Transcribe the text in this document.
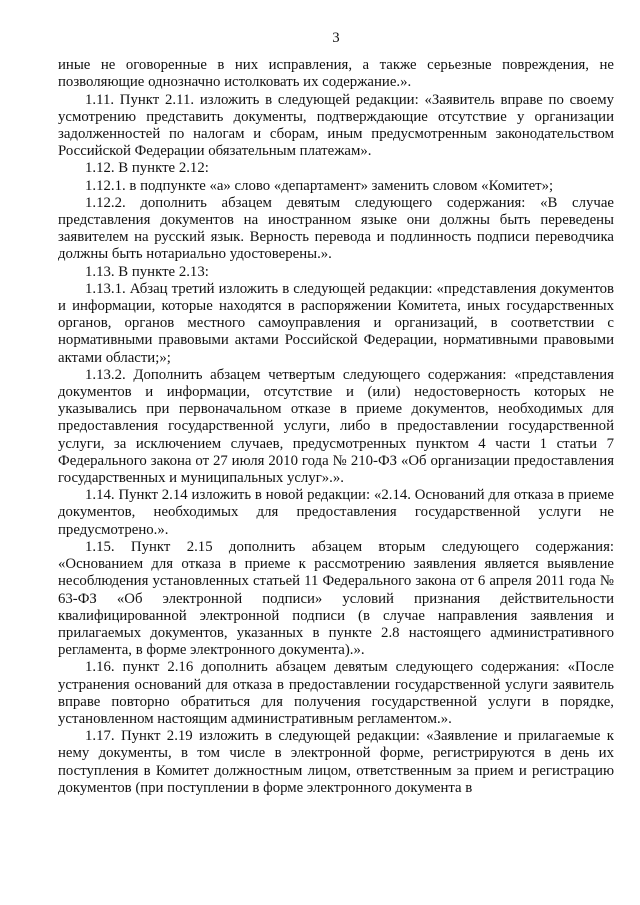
3

иные не оговоренные в них исправления, а также серьезные повреждения, не позволяющие однозначно истолковать их содержание.».

1.11. Пункт 2.11. изложить в следующей редакции: «Заявитель вправе по своему усмотрению представить документы, подтверждающие отсутствие у организации задолженностей по налогам и сборам, иным предусмотренным законодательством Российской Федерации обязательным платежам».

1.12. В пункте 2.12:

1.12.1. в подпункте «а» слово «департамент» заменить словом «Комитет»;

1.12.2. дополнить абзацем девятым следующего содержания: «В случае представления документов на иностранном языке они должны быть переведены заявителем на русский язык. Верность перевода и подлинность подписи переводчика должны быть нотариально удостоверены.».

1.13. В пункте 2.13:

1.13.1. Абзац третий изложить в следующей редакции: «представления документов и информации, которые находятся в распоряжении Комитета, иных государственных органов, органов местного самоуправления и организаций, в соответствии с нормативными правовыми актами Российской Федерации, нормативными правовыми актами области;»;

1.13.2. Дополнить абзацем четвертым следующего содержания: «представления документов и информации, отсутствие и (или) недостоверность которых не указывались при первоначальном отказе в приеме документов, необходимых для предоставления государственной услуги, либо в предоставлении государственной услуги, за исключением случаев, предусмотренных пунктом 4 части 1 статьи 7 Федерального закона от 27 июля 2010 года № 210-ФЗ «Об организации предоставления государственных и муниципальных услуг».».

1.14. Пункт 2.14 изложить в новой редакции: «2.14. Оснований для отказа в приеме документов, необходимых для предоставления государственной услуги не предусмотрено.».

1.15. Пункт 2.15 дополнить абзацем вторым следующего содержания: «Основанием для отказа в приеме к рассмотрению заявления является выявление несоблюдения установленных статьей 11 Федерального закона от 6 апреля 2011 года № 63-ФЗ «Об электронной подписи» условий признания действительности квалифицированной электронной подписи (в случае направления заявления и прилагаемых документов, указанных в пункте 2.8 настоящего административного регламента, в форме электронного документа).».

1.16. пункт 2.16 дополнить абзацем девятым следующего содержания: «После устранения оснований для отказа в предоставлении государственной услуги заявитель вправе повторно обратиться для получения государственной услуги в порядке, установленном настоящим административным регламентом.».

1.17. Пункт 2.19 изложить в следующей редакции: «Заявление и прилагаемые к нему документы, в том числе в электронной форме, регистрируются в день их поступления в Комитет должностным лицом, ответственным за прием и регистрацию документов (при поступлении в форме электронного документа в
